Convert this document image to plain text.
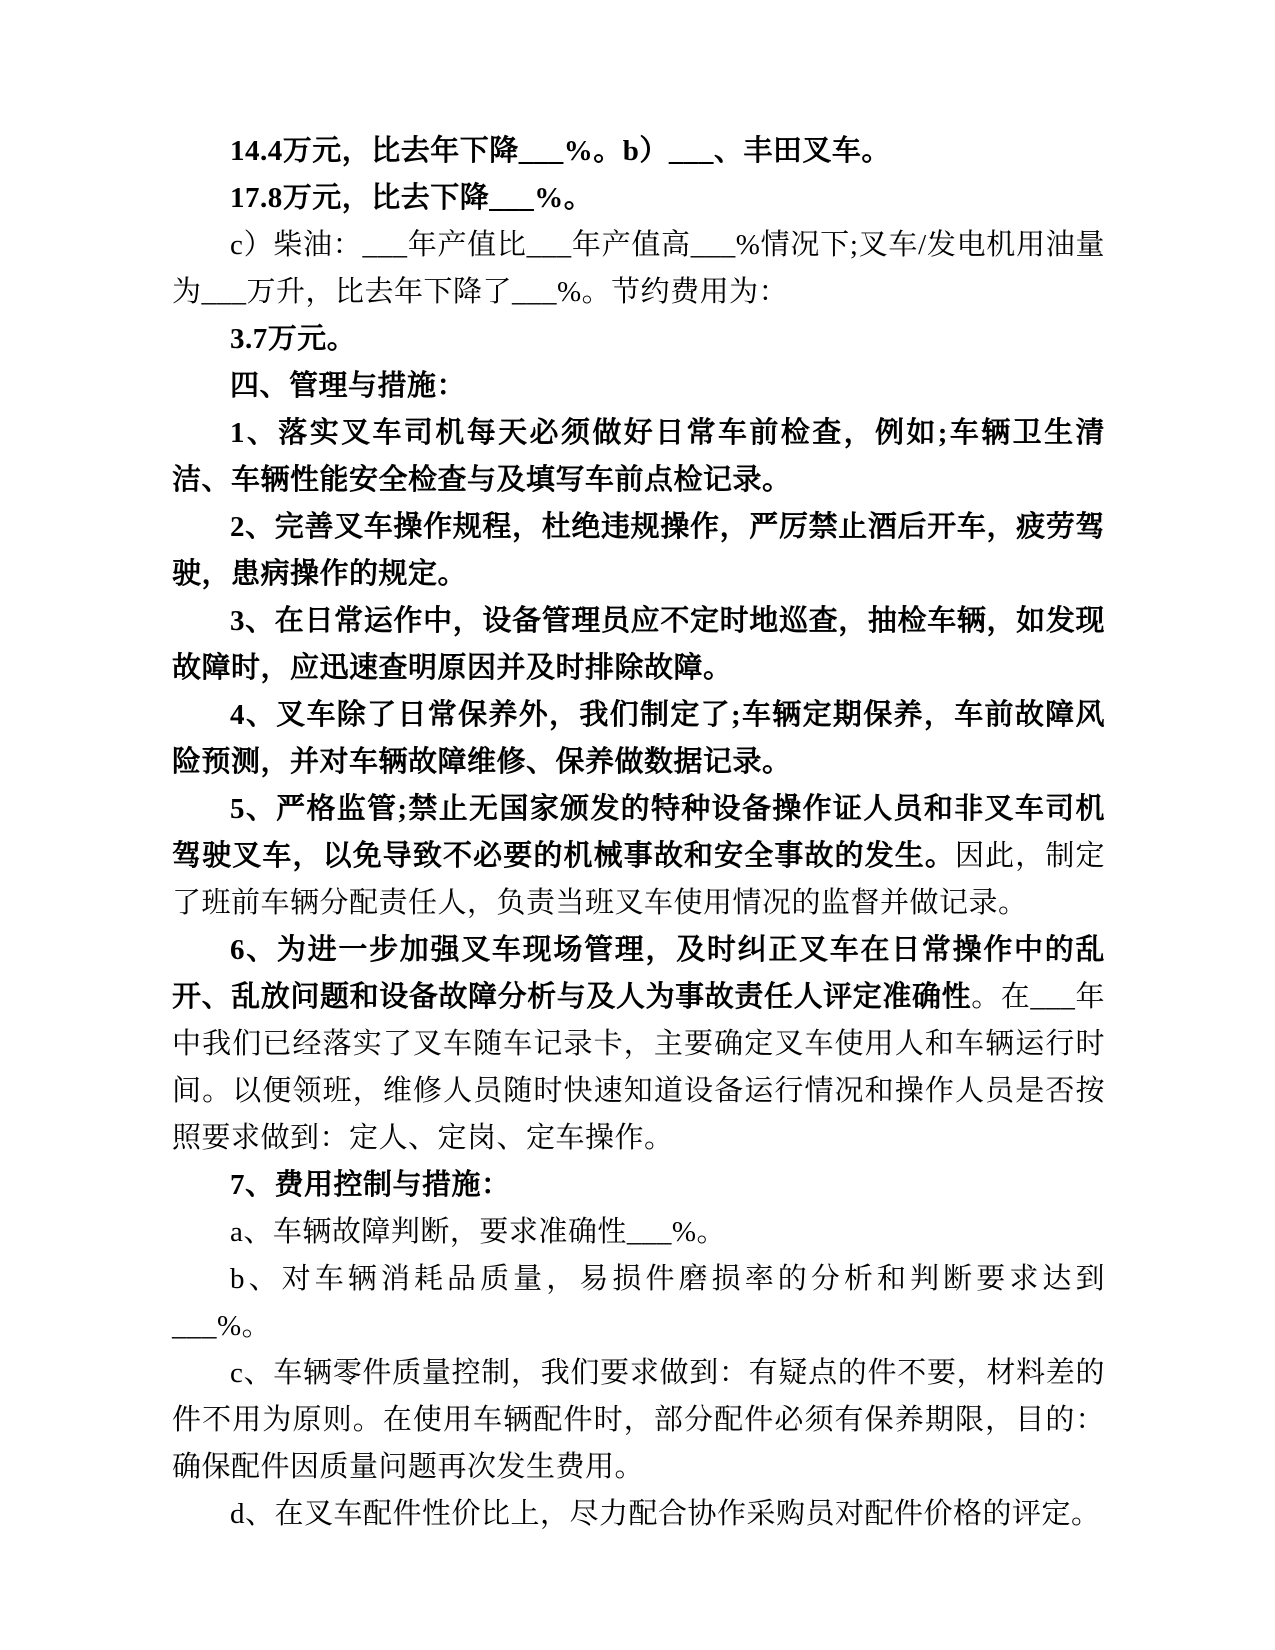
14.4万元，比去年下降___%。b）___、丰田叉车。

17.8万元，比去下降___%。

c）柴油：___年产值比___年产值高___%情况下;叉车/发电机用油量为___万升，比去年下降了___%。节约费用为：

3.7万元。

四、管理与措施：

1、落实叉车司机每天必须做好日常车前检查，例如;车辆卫生清洁、车辆性能安全检查与及填写车前点检记录。

2、完善叉车操作规程，杜绝违规操作，严厉禁止酒后开车，疲劳驾驶，患病操作的规定。

3、在日常运作中，设备管理员应不定时地巡查，抽检车辆，如发现故障时，应迅速查明原因并及时排除故障。

4、叉车除了日常保养外，我们制定了;车辆定期保养，车前故障风险预测，并对车辆故障维修、保养做数据记录。

5、严格监管;禁止无国家颁发的特种设备操作证人员和非叉车司机驾驶叉车，以免导致不必要的机械事故和安全事故的发生。因此，制定了班前车辆分配责任人，负责当班叉车使用情况的监督并做记录。

6、为进一步加强叉车现场管理，及时纠正叉车在日常操作中的乱开、乱放问题和设备故障分析与及人为事故责任人评定准确性。在___年中我们已经落实了叉车随车记录卡，主要确定叉车使用人和车辆运行时间。以便领班，维修人员随时快速知道设备运行情况和操作人员是否按照要求做到：定人、定岗、定车操作。

7、费用控制与措施：

a、车辆故障判断，要求准确性___%。

b、对车辆消耗品质量，易损件磨损率的分析和判断要求达到___%。

c、车辆零件质量控制，我们要求做到：有疑点的件不要，材料差的件不用为原则。在使用车辆配件时，部分配件必须有保养期限，目的：确保配件因质量问题再次发生费用。

d、在叉车配件性价比上，尽力配合协作采购员对配件价格的评定。
